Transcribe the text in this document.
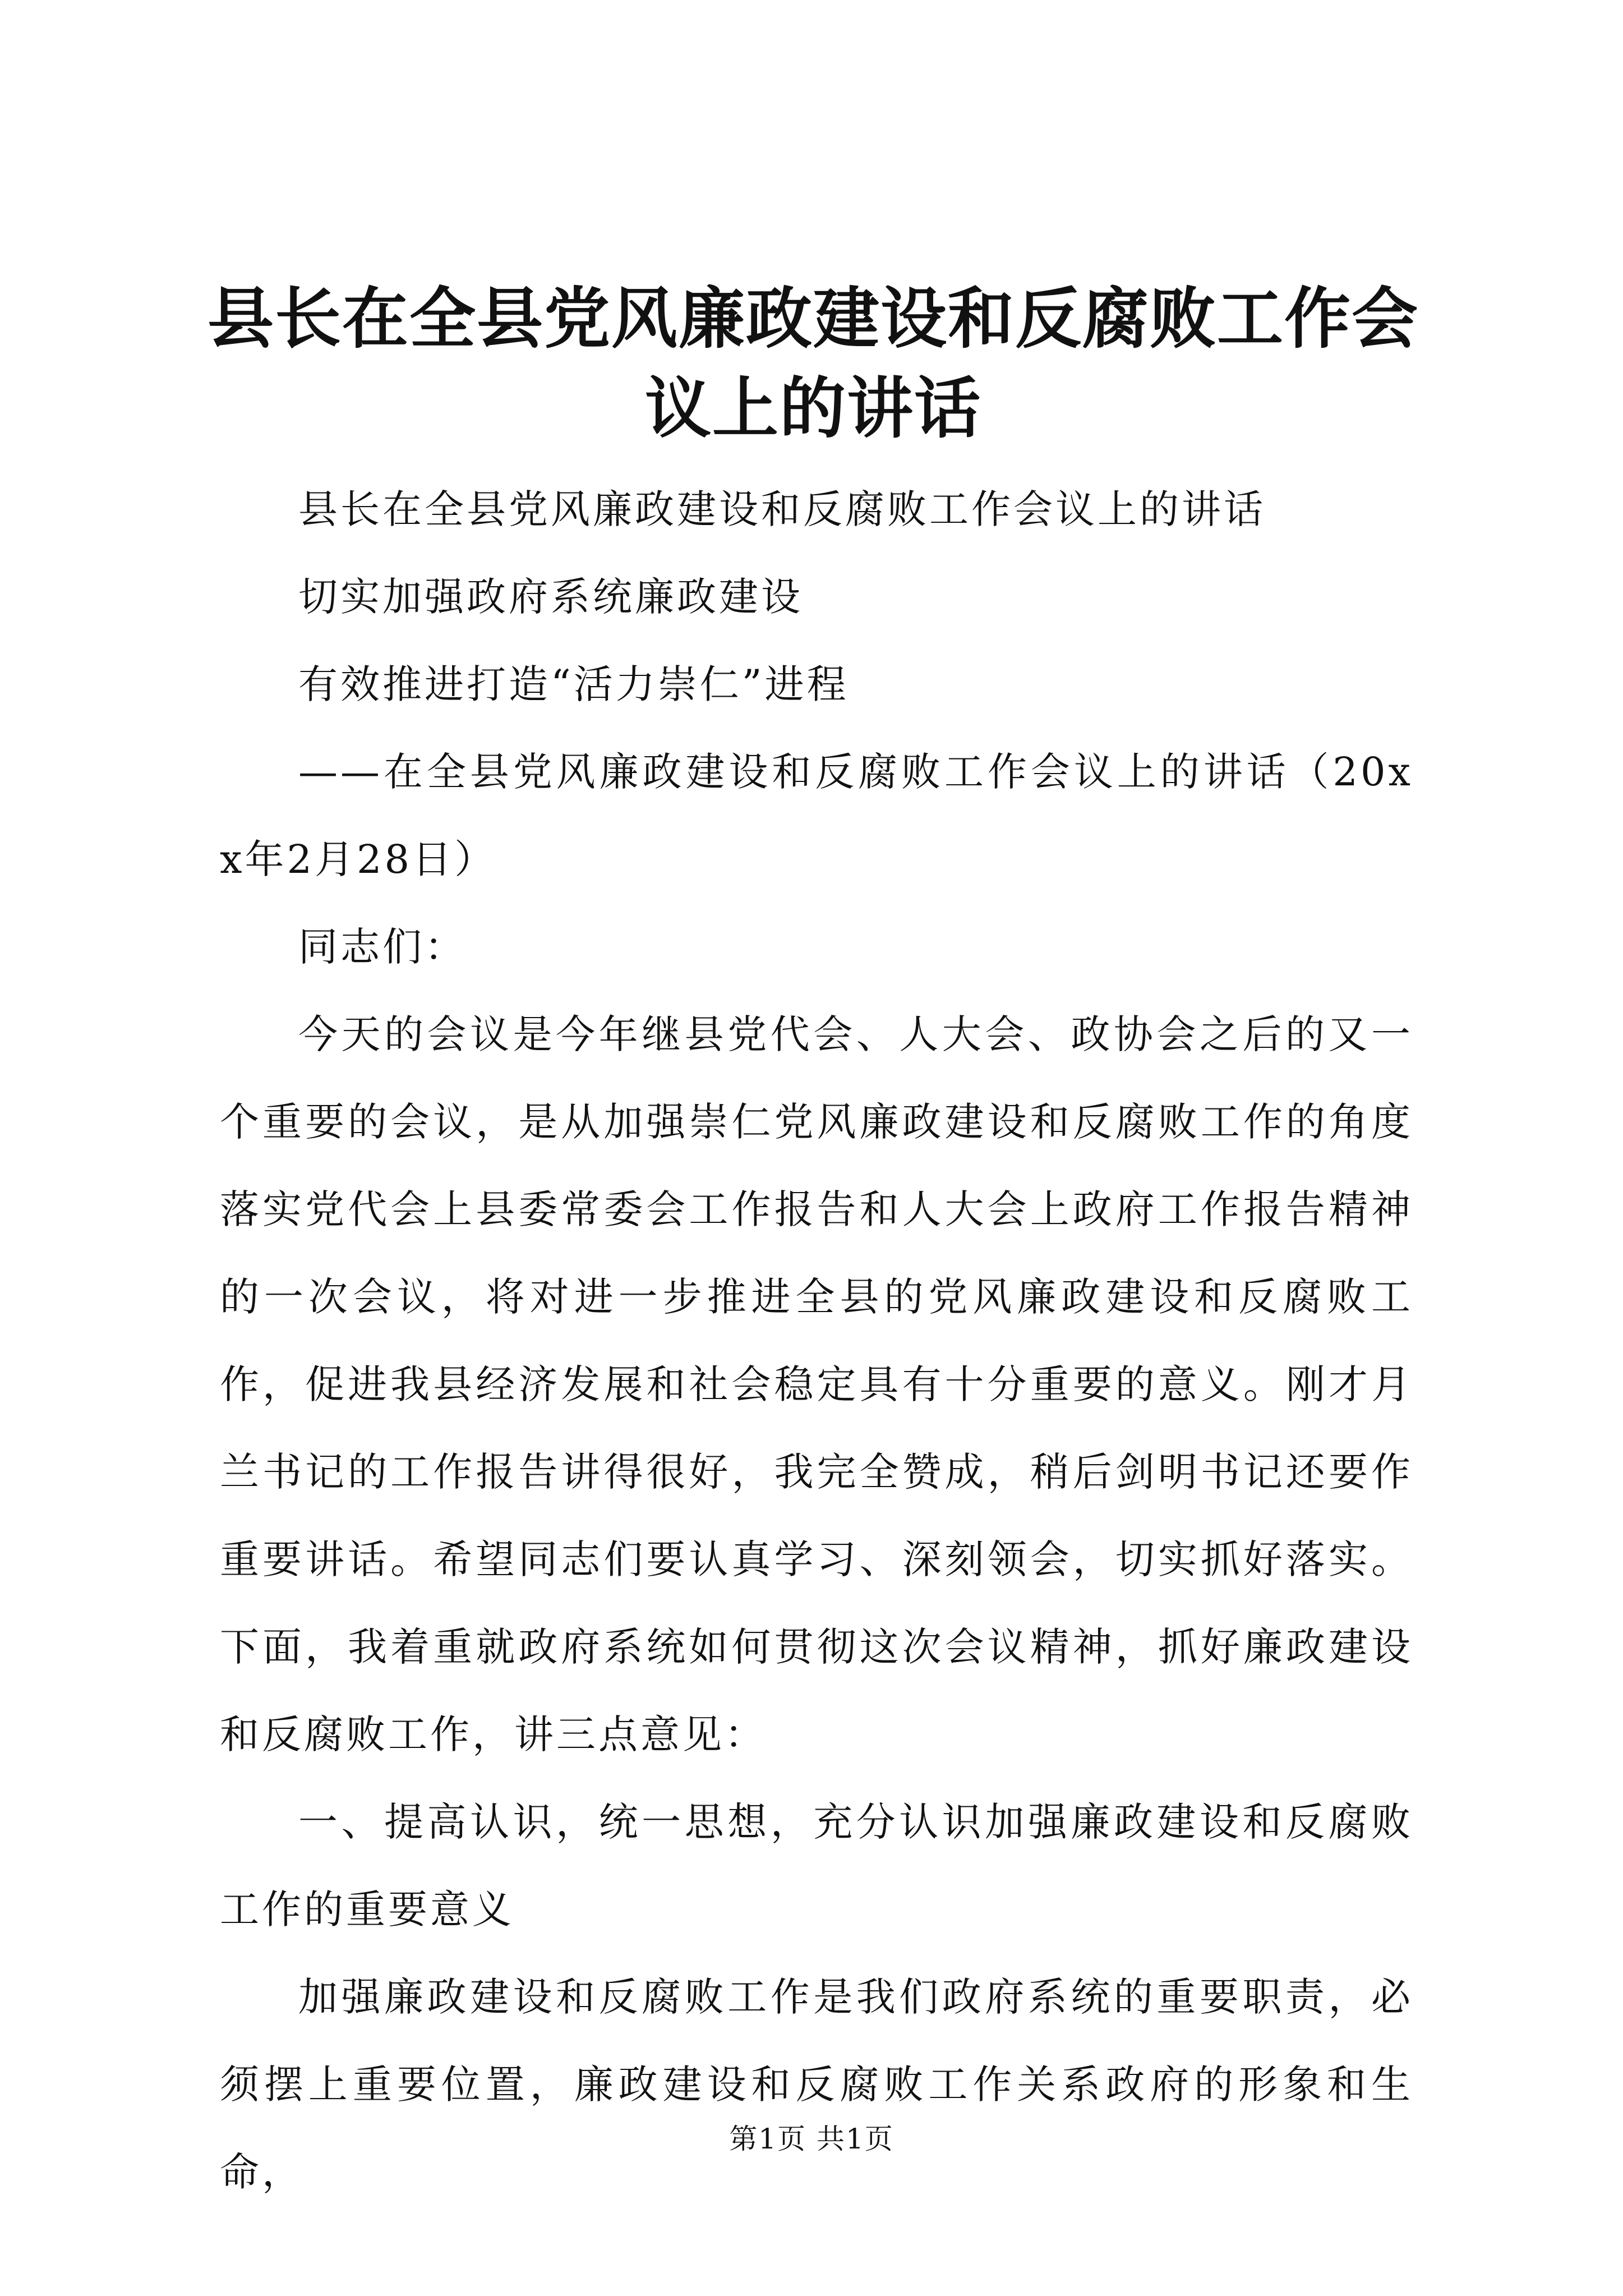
县长在全县党风廉政建设和反腐败工作会议上的讲话

县长在全县党风廉政建设和反腐败工作会议上的讲话

切实加强政府系统廉政建设

有效推进打造“活力崇仁”进程

——在全县党风廉政建设和反腐败工作会议上的讲话（20xx年2月28日）

同志们：

今天的会议是今年继县党代会、人大会、政协会之后的又一个重要的会议，是从加强崇仁党风廉政建设和反腐败工作的角度落实党代会上县委常委会工作报告和人大会上政府工作报告精神的一次会议，将对进一步推进全县的党风廉政建设和反腐败工作，促进我县经济发展和社会稳定具有十分重要的意义。刚才月兰书记的工作报告讲得很好，我完全赞成，稍后剑明书记还要作重要讲话。希望同志们要认真学习、深刻领会，切实抓好落实。下面，我着重就政府系统如何贯彻这次会议精神，抓好廉政建设和反腐败工作，讲三点意见：

一、提高认识，统一思想，充分认识加强廉政建设和反腐败工作的重要意义

加强廉政建设和反腐败工作是我们政府系统的重要职责，必须摆上重要位置，廉政建设和反腐败工作关系政府的形象和生命，

第1页 共1页
